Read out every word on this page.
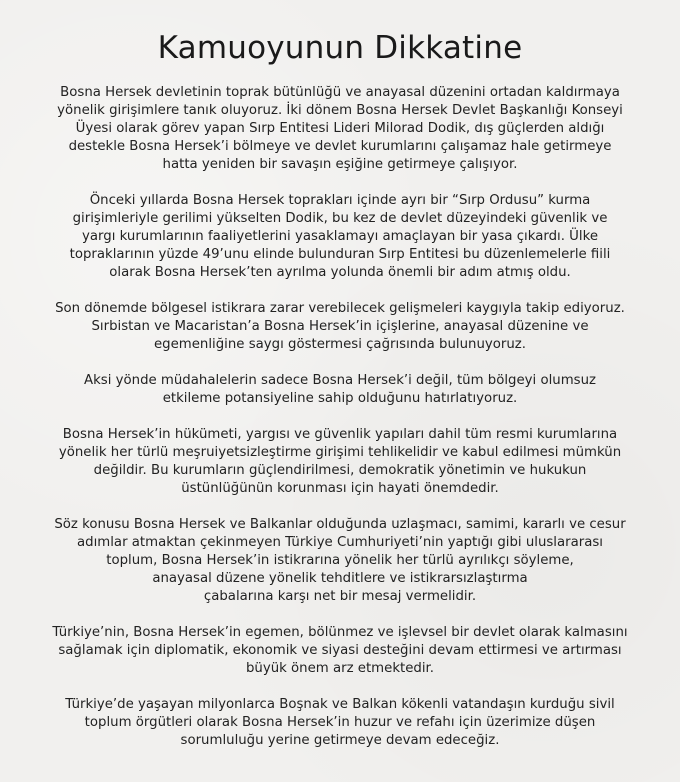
Kamuoyunun Dikkatine

Bosna Hersek devletinin toprak bütünlüğü ve anayasal düzenini ortadan kaldırmaya
yönelik girişimlere tanık oluyoruz. İki dönem Bosna Hersek Devlet Başkanlığı Konseyi
Üyesi olarak görev yapan Sırp Entitesi Lideri Milorad Dodik, dış güçlerden aldığı
destekle Bosna Hersek’i bölmeye ve devlet kurumlarını çalışamaz hale getirmeye
hatta yeniden bir savaşın eşiğine getirmeye çalışıyor.

Önceki yıllarda Bosna Hersek toprakları içinde ayrı bir “Sırp Ordusu” kurma
girişimleriyle gerilimi yükselten Dodik, bu kez de devlet düzeyindeki güvenlik ve
yargı kurumlarının faaliyetlerini yasaklamayı amaçlayan bir yasa çıkardı. Ülke
topraklarının yüzde 49’unu elinde bulunduran Sırp Entitesi bu düzenlemelerle fiili
olarak Bosna Hersek’ten ayrılma yolunda önemli bir adım atmış oldu.

Son dönemde bölgesel istikrara zarar verebilecek gelişmeleri kaygıyla takip ediyoruz.
Sırbistan ve Macaristan’a Bosna Hersek’in içişlerine, anayasal düzenine ve
egemenliğine saygı göstermesi çağrısında bulunuyoruz.

Aksi yönde müdahalelerin sadece Bosna Hersek’i değil, tüm bölgeyi olumsuz
etkileme potansiyeline sahip olduğunu hatırlatıyoruz.

Bosna Hersek’in hükümeti, yargısı ve güvenlik yapıları dahil tüm resmi kurumlarına
yönelik her türlü meşruiyetsizleştirme girişimi tehlikelidir ve kabul edilmesi mümkün
değildir. Bu kurumların güçlendirilmesi, demokratik yönetimin ve hukukun
üstünlüğünün korunması için hayati önemdedir.

Söz konusu Bosna Hersek ve Balkanlar olduğunda uzlaşmacı, samimi, kararlı ve cesur
adımlar atmaktan çekinmeyen Türkiye Cumhuriyeti’nin yaptığı gibi uluslararası
toplum, Bosna Hersek’in istikrarına yönelik her türlü ayrılıkçı söyleme,
anayasal düzene yönelik tehditlere ve istikrarsızlaştırma
çabalarına karşı net bir mesaj vermelidir.

Türkiye’nin, Bosna Hersek’in egemen, bölünmez ve işlevsel bir devlet olarak kalmasını
sağlamak için diplomatik, ekonomik ve siyasi desteğini devam ettirmesi ve artırması
büyük önem arz etmektedir.

Türkiye’de yaşayan milyonlarca Boşnak ve Balkan kökenli vatandaşın kurduğu sivil
toplum örgütleri olarak Bosna Hersek’in huzur ve refahı için üzerimize düşen
sorumluluğu yerine getirmeye devam edeceğiz.
